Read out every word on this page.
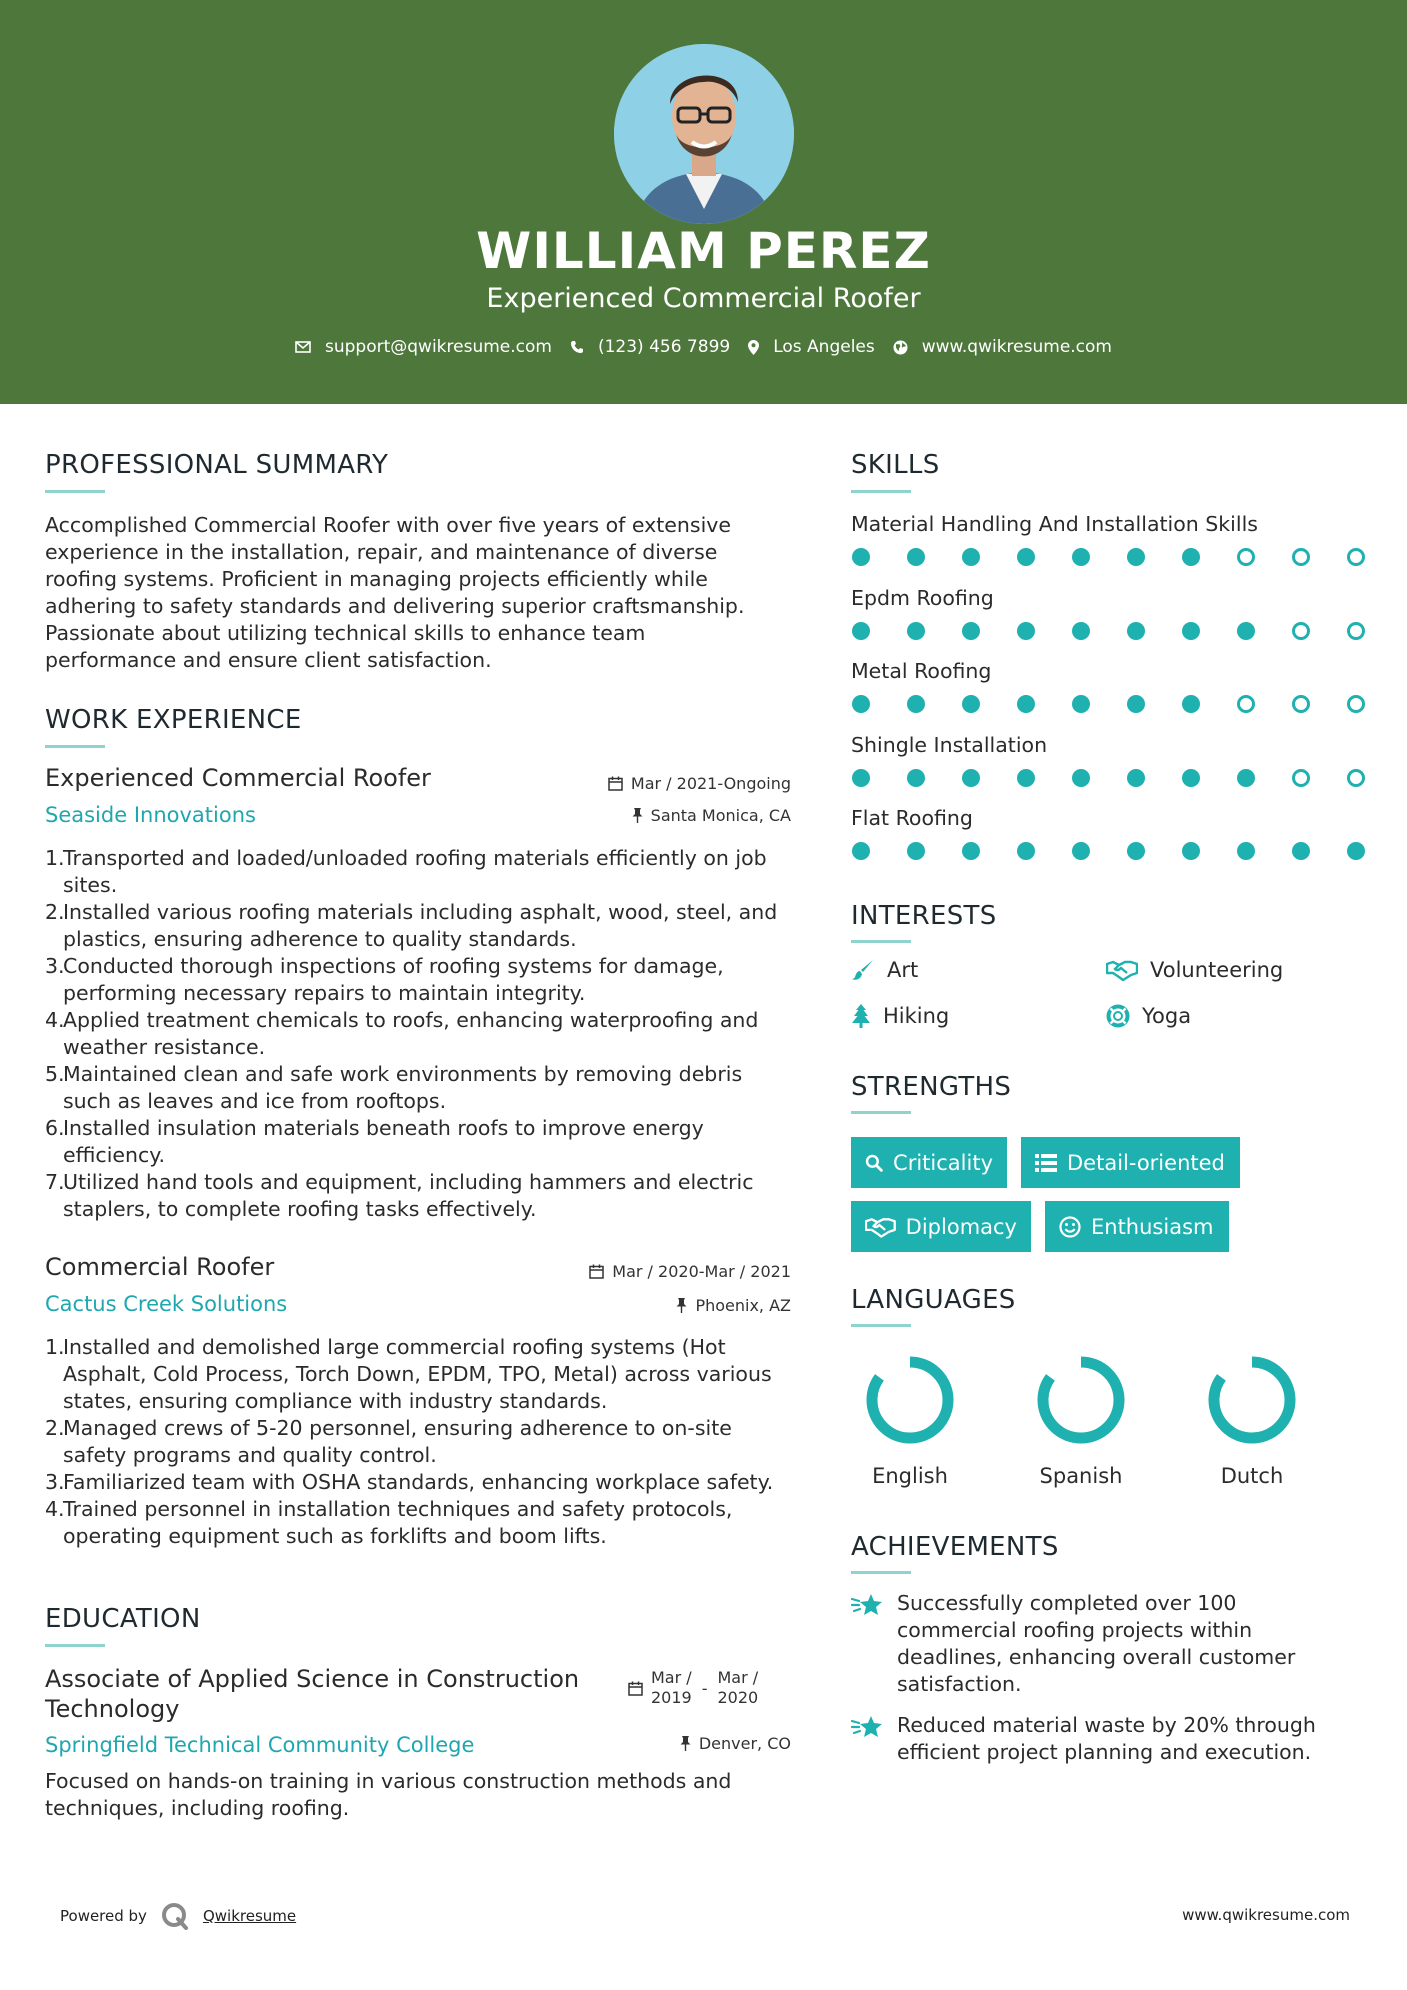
WILLIAM PEREZ
Experienced Commercial Roofer
support@qwikresume.com	(123) 456 7899	Los Angeles	www.qwikresume.com
PROFESSIONAL SUMMARY
Accomplished Commercial Roofer with over five years of extensive
experience in the installation, repair, and maintenance of diverse
roofing systems. Proficient in managing projects efficiently while
adhering to safety standards and delivering superior craftsmanship.
Passionate about utilizing technical skills to enhance team
performance and ensure client satisfaction.
WORK EXPERIENCE
Experienced Commercial Roofer	Mar / 2021-Ongoing
Seaside Innovations	Santa Monica, CA
Transported and loaded/unloaded roofing materials efficiently on job
sites.
Installed various roofing materials including asphalt, wood, steel, and
plastics, ensuring adherence to quality standards.
Conducted thorough inspections of roofing systems for damage,
performing necessary repairs to maintain integrity.
Applied treatment chemicals to roofs, enhancing waterproofing and
weather resistance.
Maintained clean and safe work environments by removing debris
such as leaves and ice from rooftops.
Installed insulation materials beneath roofs to improve energy
efficiency.
Utilized hand tools and equipment, including hammers and electric
staplers, to complete roofing tasks effectively.
Commercial Roofer	Mar / 2020-Mar / 2021
Cactus Creek Solutions	Phoenix, AZ
Installed and demolished large commercial roofing systems (Hot
Asphalt, Cold Process, Torch Down, EPDM, TPO, Metal) across various
states, ensuring compliance with industry standards.
Managed crews of 5-20 personnel, ensuring adherence to on-site
safety programs and quality control.
Familiarized team with OSHA standards, enhancing workplace safety.
Trained personnel in installation techniques and safety protocols,
operating equipment such as forklifts and boom lifts.
EDUCATION
Associate of Applied Science in Construction
Technology
Mar /
2019 -
Mar /
2020
Springfield Technical Community College	Denver, CO
Focused on hands-on training in various construction methods and
techniques, including roofing.
SKILLS
Material Handling And Installation Skills
Epdm Roofing
Metal Roofing
Shingle Installation
Flat Roofing
INTERESTS
Art	Volunteering
Hiking	Yoga
STRENGTHS
Criticality	Detail-oriented
Diplomacy	Enthusiasm
LANGUAGES
English	Spanish	Dutch
ACHIEVEMENTS
Successfully completed over 100
commercial roofing projects within
deadlines, enhancing overall customer
satisfaction.
Reduced material waste by 20% through
efficient project planning and execution.
Powered by	Qwikresume	www.qwikresume.com
